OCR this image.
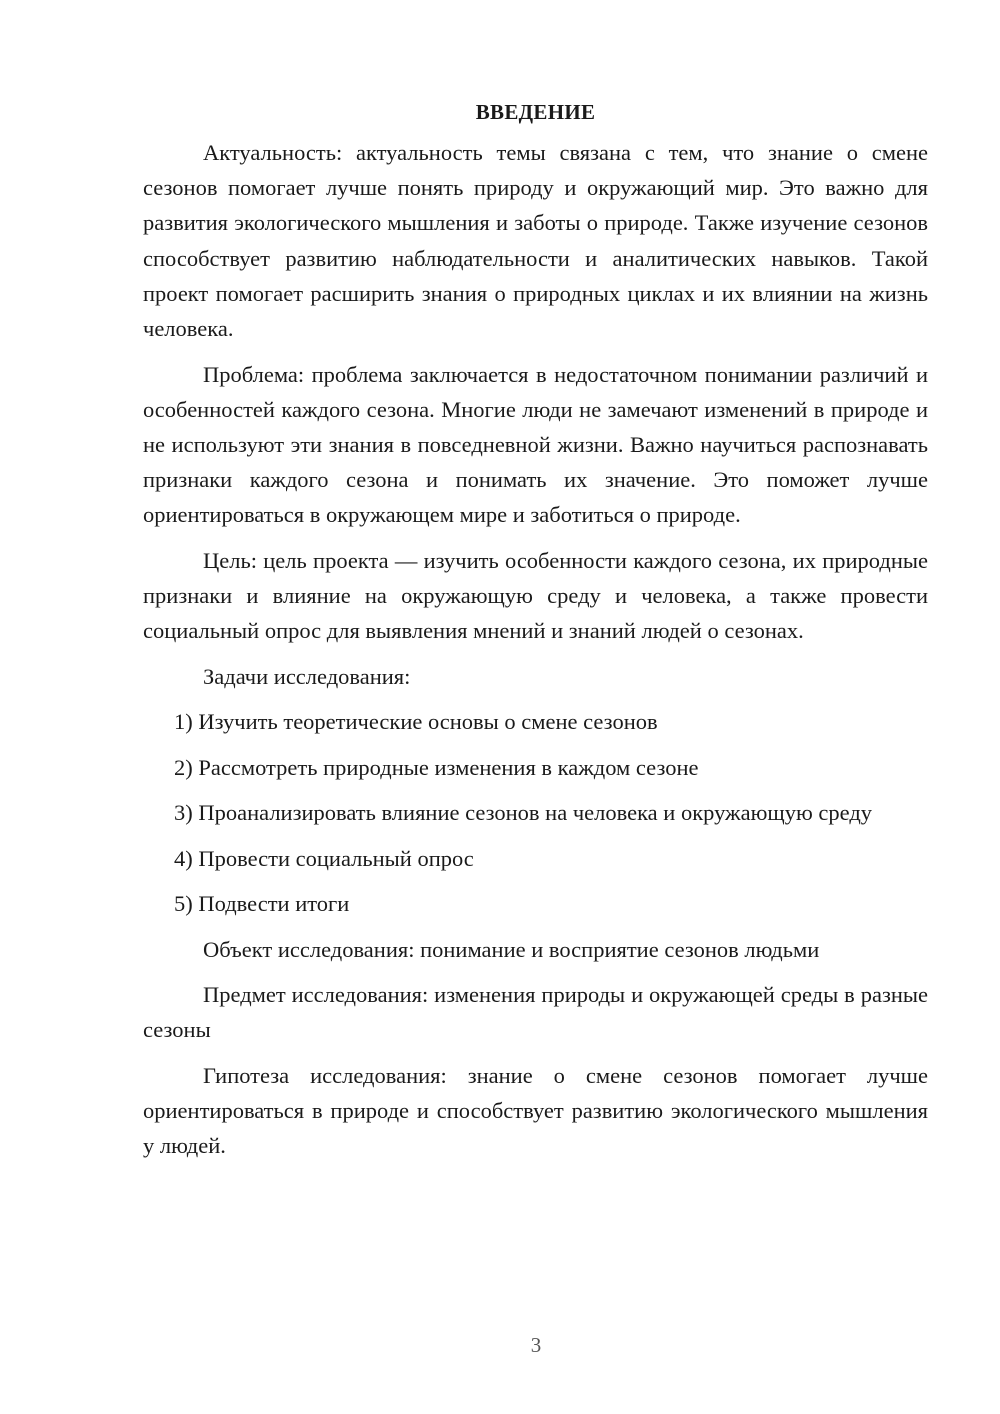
ВВЕДЕНИЕ

Актуальность: актуальность темы связана с тем, что знание о смене сезонов помогает лучше понять природу и окружающий мир. Это важно для развития экологического мышления и заботы о природе. Также изучение сезонов способствует развитию наблюдательности и аналитических навыков. Такой проект помогает расширить знания о природных циклах и их влиянии на жизнь человека.

Проблема: проблема заключается в недостаточном понимании различий и особенностей каждого сезона. Многие люди не замечают изменений в природе и не используют эти знания в повседневной жизни. Важно научиться распознавать признаки каждого сезона и понимать их значение. Это поможет лучше ориентироваться в окружающем мире и заботиться о природе.

Цель: цель проекта — изучить особенности каждого сезона, их природные признаки и влияние на окружающую среду и человека, а также провести социальный опрос для выявления мнений и знаний людей о сезонах.

Задачи исследования:

1) Изучить теоретические основы о смене сезонов

2) Рассмотреть природные изменения в каждом сезоне

3) Проанализировать влияние сезонов на человека и окружающую среду

4) Провести социальный опрос

5) Подвести итоги

Объект исследования: понимание и восприятие сезонов людьми

Предмет исследования: изменения природы и окружающей среды в разные сезоны

Гипотеза исследования: знание о смене сезонов помогает лучше ориентироваться в природе и способствует развитию экологического мышления у людей.

3
